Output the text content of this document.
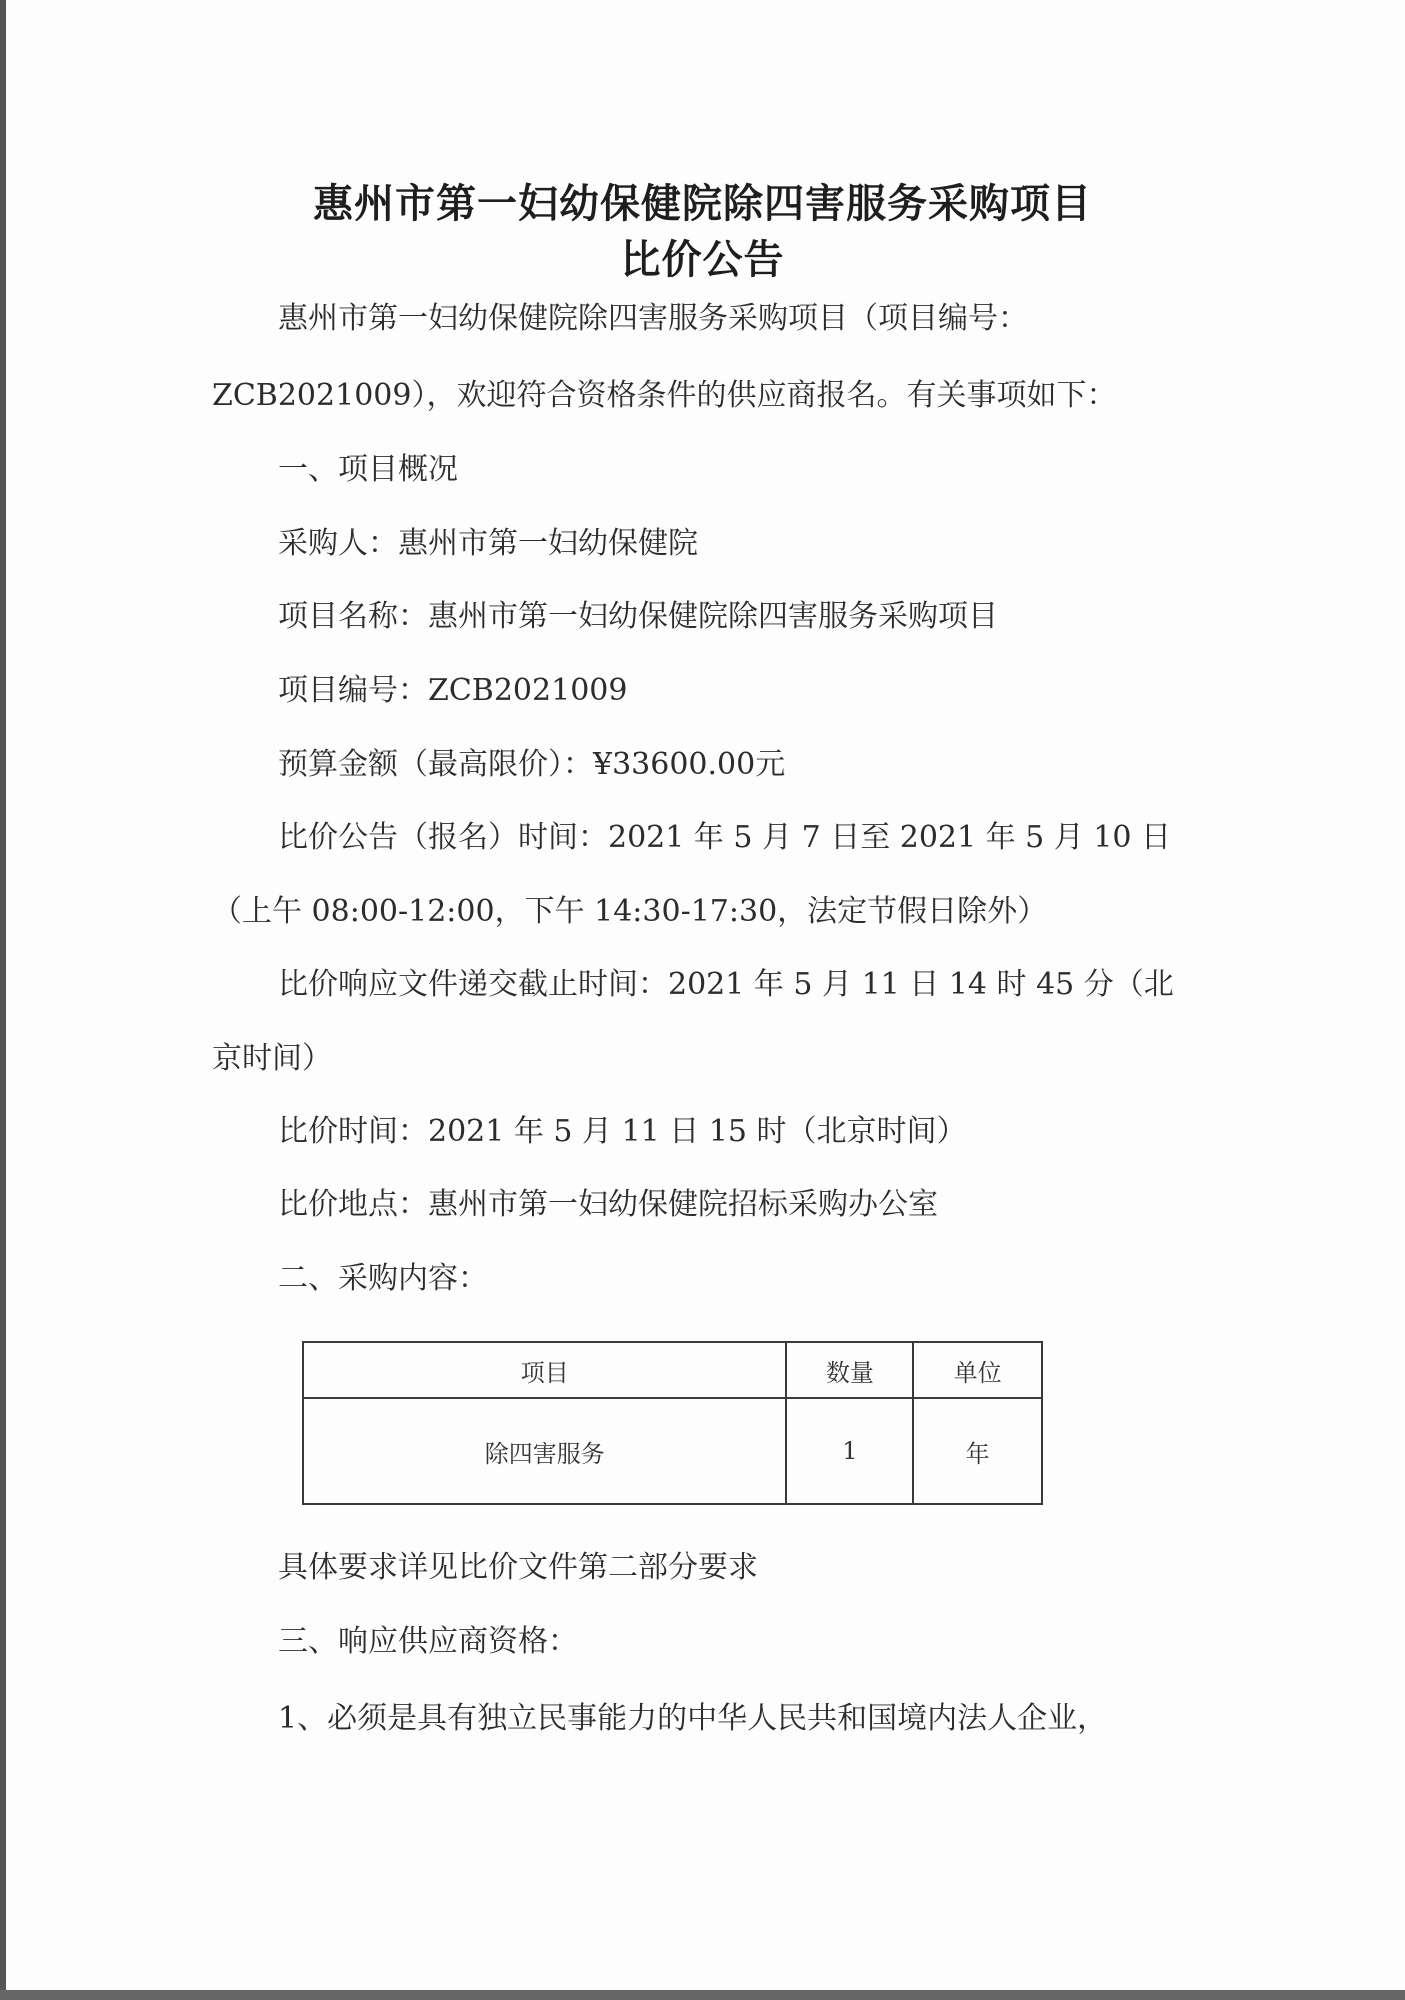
惠州市第一妇幼保健院除四害服务采购项目
比价公告
惠州市第一妇幼保健院除四害服务采购项目（项目编号：
ZCB2021009），欢迎符合资格条件的供应商报名。有关事项如下：
一、项目概况
采购人：惠州市第一妇幼保健院
项目名称：惠州市第一妇幼保健院除四害服务采购项目
项目编号：ZCB2021009
预算金额（最高限价）：¥33600.00元
比价公告（报名）时间：2021 年 5 月 7 日至 2021 年 5 月 10 日
（上午 08:00-12:00，下午 14:30-17:30，法定节假日除外）
比价响应文件递交截止时间：2021 年 5 月 11 日 14 时 45 分（北
京时间）
比价时间：2021 年 5 月 11 日 15 时（北京时间）
比价地点：惠州市第一妇幼保健院招标采购办公室
二、采购内容：
项目	数量	单位
除四害服务	1	年
具体要求详见比价文件第二部分要求
三、响应供应商资格：
1、必须是具有独立民事能力的中华人民共和国境内法人企业，
